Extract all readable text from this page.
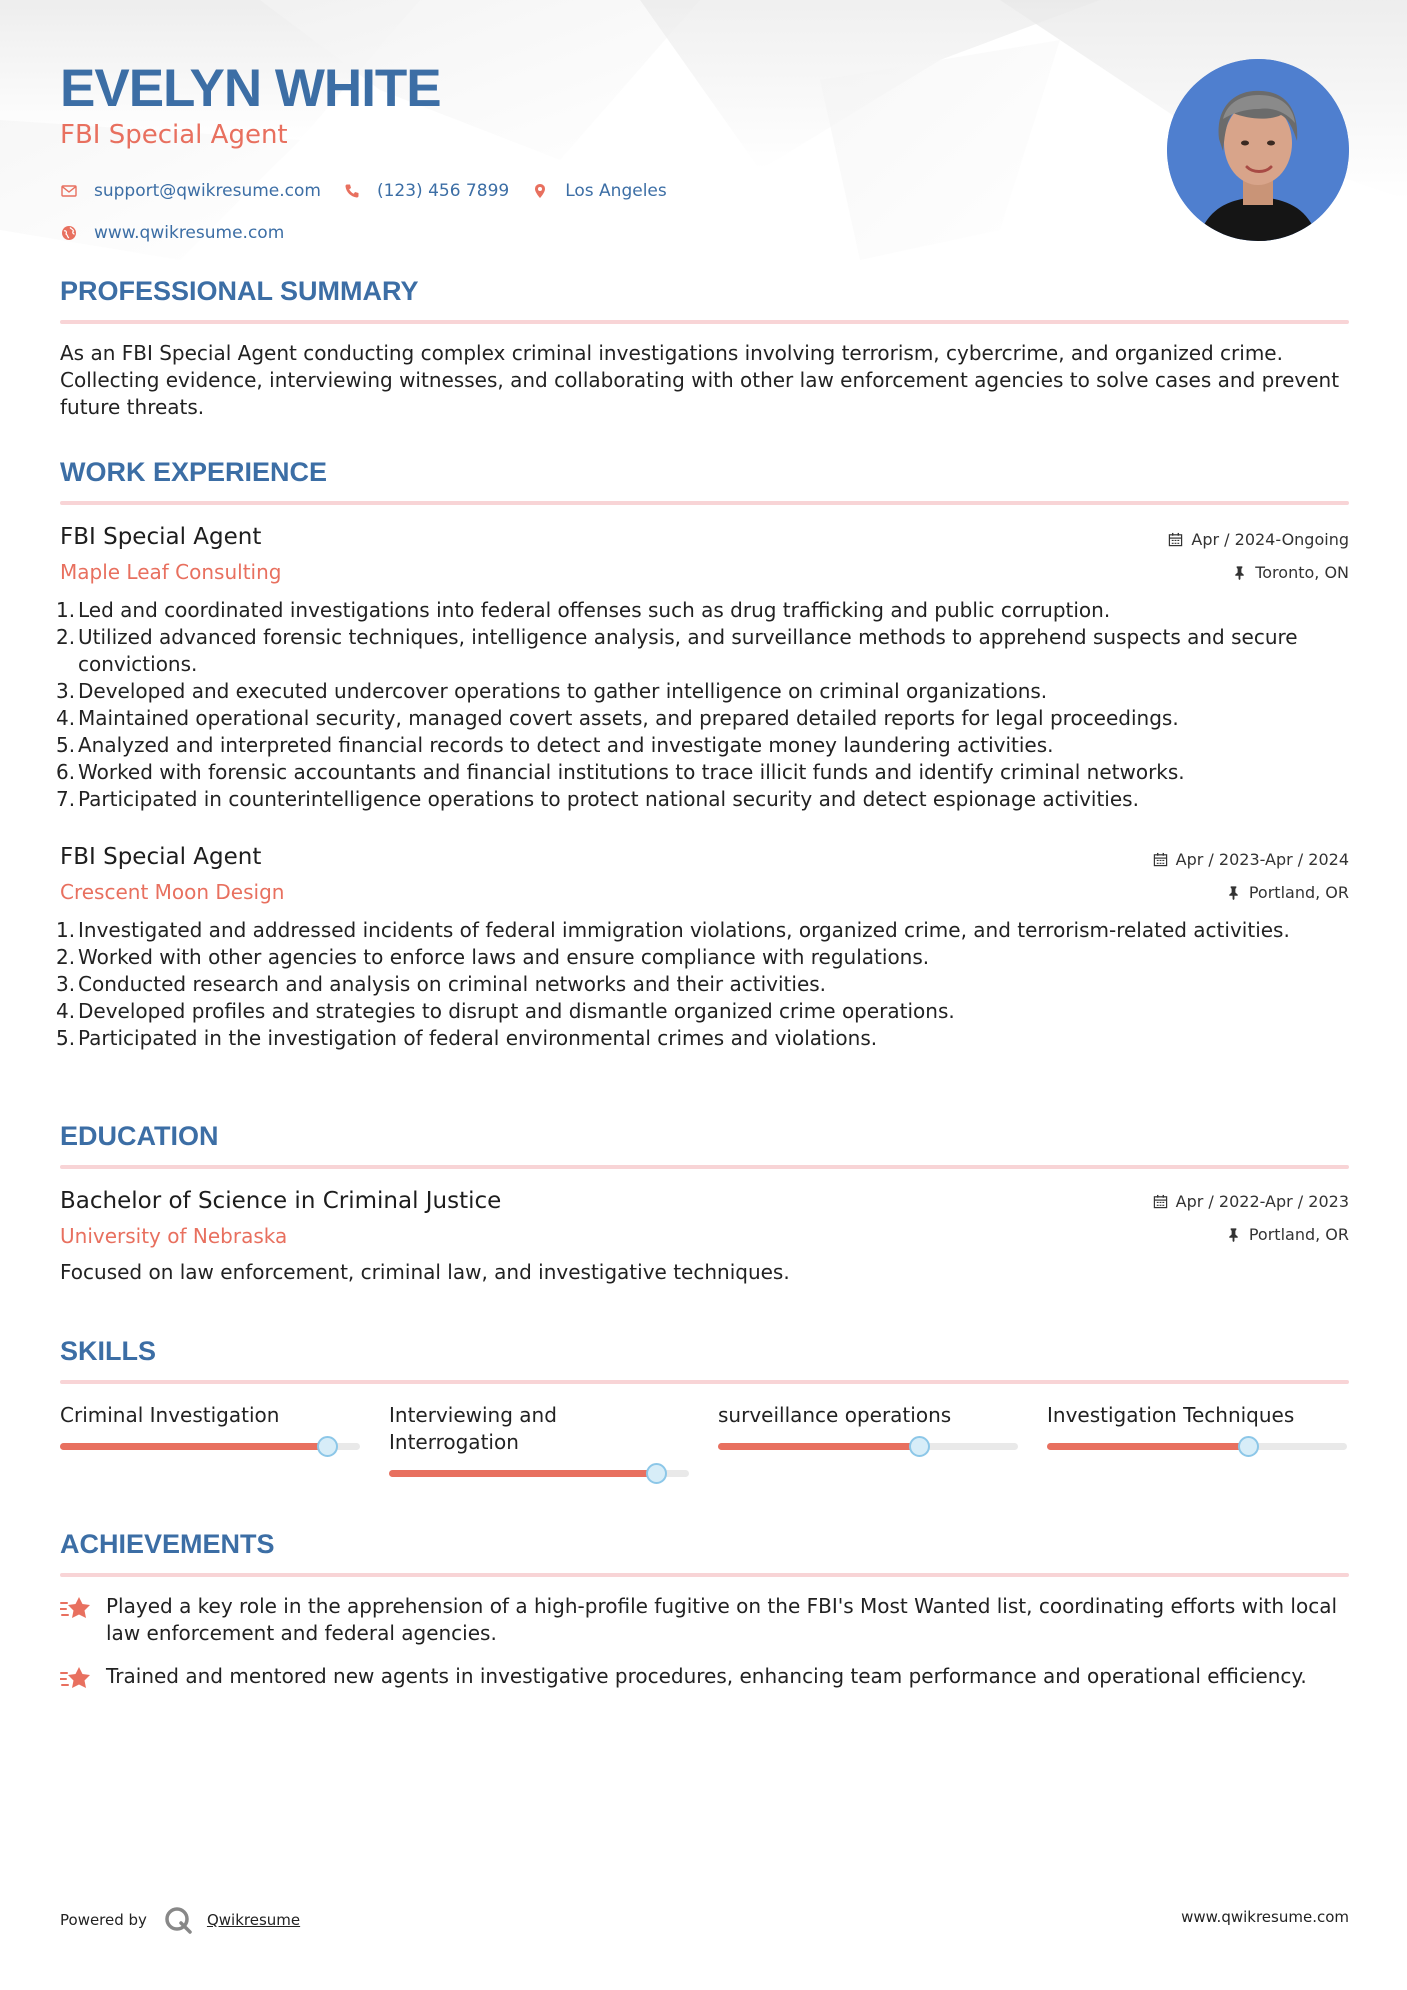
EVELYN WHITE
FBI Special Agent
support@qwikresume.com	(123) 456 7899	Los Angeles
www.qwikresume.com
PROFESSIONAL SUMMARY
As an FBI Special Agent conducting complex criminal investigations involving terrorism, cybercrime, and organized crime. Collecting evidence, interviewing witnesses, and collaborating with other law enforcement agencies to solve cases and prevent future threats.
WORK EXPERIENCE
FBI Special Agent
Maple Leaf Consulting
Apr / 2024-Ongoing
Toronto, ON
1. Led and coordinated investigations into federal offenses such as drug trafficking and public corruption.
2. Utilized advanced forensic techniques, intelligence analysis, and surveillance methods to apprehend suspects and secure convictions.
3. Developed and executed undercover operations to gather intelligence on criminal organizations.
4. Maintained operational security, managed covert assets, and prepared detailed reports for legal proceedings.
5. Analyzed and interpreted financial records to detect and investigate money laundering activities.
6. Worked with forensic accountants and financial institutions to trace illicit funds and identify criminal networks.
7. Participated in counterintelligence operations to protect national security and detect espionage activities.
FBI Special Agent
Crescent Moon Design
Apr / 2023-Apr / 2024
Portland, OR
1. Investigated and addressed incidents of federal immigration violations, organized crime, and terrorism-related activities.
2. Worked with other agencies to enforce laws and ensure compliance with regulations.
3. Conducted research and analysis on criminal networks and their activities.
4. Developed profiles and strategies to disrupt and dismantle organized crime operations.
5. Participated in the investigation of federal environmental crimes and violations.
EDUCATION
Bachelor of Science in Criminal Justice
University of Nebraska
Apr / 2022-Apr / 2023
Portland, OR
Focused on law enforcement, criminal law, and investigative techniques.
SKILLS
Criminal Investigation	Interviewing and Interrogation
surveillance operations	Investigation Techniques
ACHIEVEMENTS
Played a key role in the apprehension of a high-profile fugitive on the FBI's Most Wanted list, coordinating efforts with local law enforcement and federal agencies.
Trained and mentored new agents in investigative procedures, enhancing team performance and operational efficiency.
Powered by	Qwikresume	www.qwikresume.com
